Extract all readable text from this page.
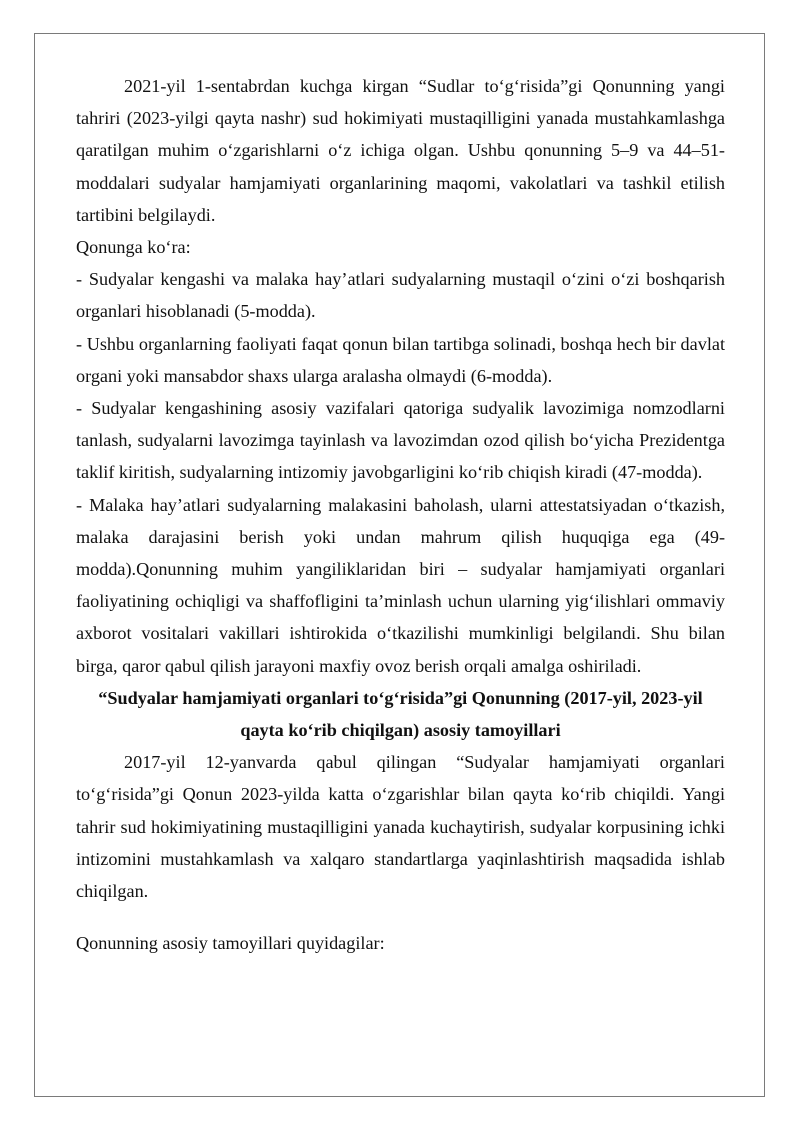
2021-yil 1-sentabrdan kuchga kirgan “Sudlar to‘g‘risida”gi Qonunning yangi tahriri (2023-yilgi qayta nashr) sud hokimiyati mustaqilligini yanada mustahkamlashga qaratilgan muhim o‘zgarishlarni o‘z ichiga olgan. Ushbu qonunning 5–9 va 44–51-moddalari sudyalar hamjamiyati organlarining maqomi, vakolatlari va tashkil etilish tartibini belgilaydi.

Qonunga ko‘ra:

- Sudyalar kengashi va malaka hay’atlari sudyalarning mustaqil o‘zini o‘zi boshqarish organlari hisoblanadi (5-modda).

- Ushbu organlarning faoliyati faqat qonun bilan tartibga solinadi, boshqa hech bir davlat organi yoki mansabdor shaxs ularga aralasha olmaydi (6-modda).

- Sudyalar kengashining asosiy vazifalari qatoriga sudyalik lavozimiga nomzodlarni tanlash, sudyalarni lavozimga tayinlash va lavozimdan ozod qilish bo‘yicha Prezidentga taklif kiritish, sudyalarning intizomiy javobgarligini ko‘rib chiqish kiradi (47-modda).

- Malaka hay’atlari sudyalarning malakasini baholash, ularni attestatsiyadan o‘tkazish, malaka darajasini berish yoki undan mahrum qilish huquqiga ega (49-modda).Qonunning muhim yangiliklaridan biri – sudyalar hamjamiyati organlari faoliyatining ochiqligi va shaffofligini ta’minlash uchun ularning yig‘ilishlari ommaviy axborot vositalari vakillari ishtirokida o‘tkazilishi mumkinligi belgilandi. Shu bilan birga, qaror qabul qilish jarayoni maxfiy ovoz berish orqali amalga oshiriladi.

“Sudyalar hamjamiyati organlari to‘g‘risida”gi Qonunning (2017-yil, 2023-yil qayta ko‘rib chiqilgan) asosiy tamoyillari

2017-yil 12-yanvarda qabul qilingan “Sudyalar hamjamiyati organlari to‘g‘risida”gi Qonun 2023-yilda katta o‘zgarishlar bilan qayta ko‘rib chiqildi. Yangi tahrir sud hokimiyatining mustaqilligini yanada kuchaytirish, sudyalar korpusining ichki intizomini mustahkamlash va xalqaro standartlarga yaqinlashtirish maqsadida ishlab chiqilgan.

Qonunning asosiy tamoyillari quyidagilar:
